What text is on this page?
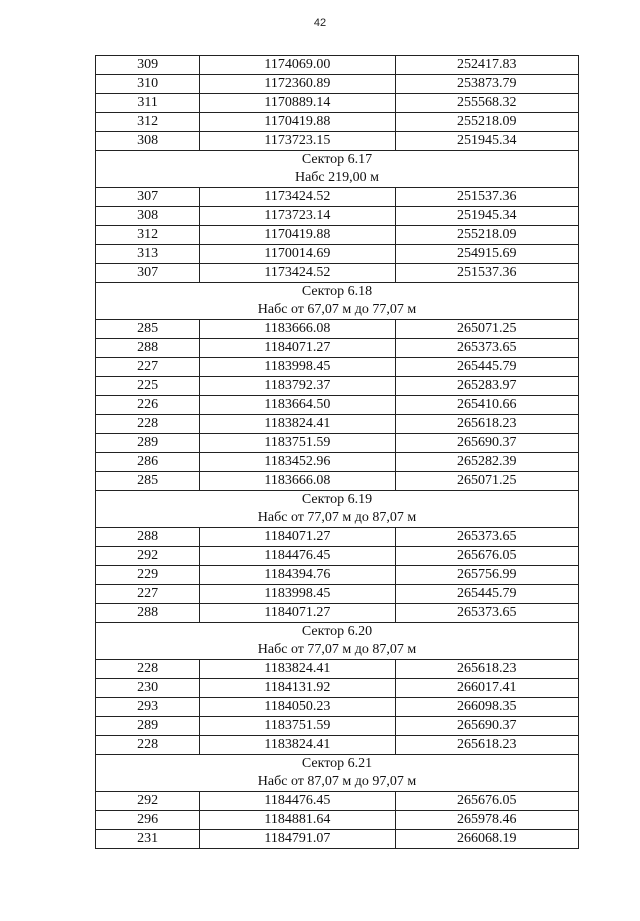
42
309	1174069.00	252417.83
310	1172360.89	253873.79
311	1170889.14	255568.32
312	1170419.88	255218.09
308	1173723.15	251945.34

Сектор 6.17
Набс 219,00 м		

307	1173424.52	251537.36
308	1173723.14	251945.34
312	1170419.88	255218.09
313	1170014.69	254915.69
307	1173424.52	251537.36

Сектор 6.18
Набс от 67,07 м до 77,07 м		

285	1183666.08	265071.25
288	1184071.27	265373.65
227	1183998.45	265445.79
225	1183792.37	265283.97
226	1183664.50	265410.66
228	1183824.41	265618.23
289	1183751.59	265690.37
286	1183452.96	265282.39
285	1183666.08	265071.25

Сектор 6.19
Набс от 77,07 м до 87,07 м		

288	1184071.27	265373.65
292	1184476.45	265676.05
229	1184394.76	265756.99
227	1183998.45	265445.79
288	1184071.27	265373.65

Сектор 6.20
Набс от 77,07 м до 87,07 м		

228	1183824.41	265618.23
230	1184131.92	266017.41
293	1184050.23	266098.35
289	1183751.59	265690.37
228	1183824.41	265618.23

Сектор 6.21
Набс от 87,07 м до 97,07 м		

292	1184476.45	265676.05
296	1184881.64	265978.46
231	1184791.07	266068.19
